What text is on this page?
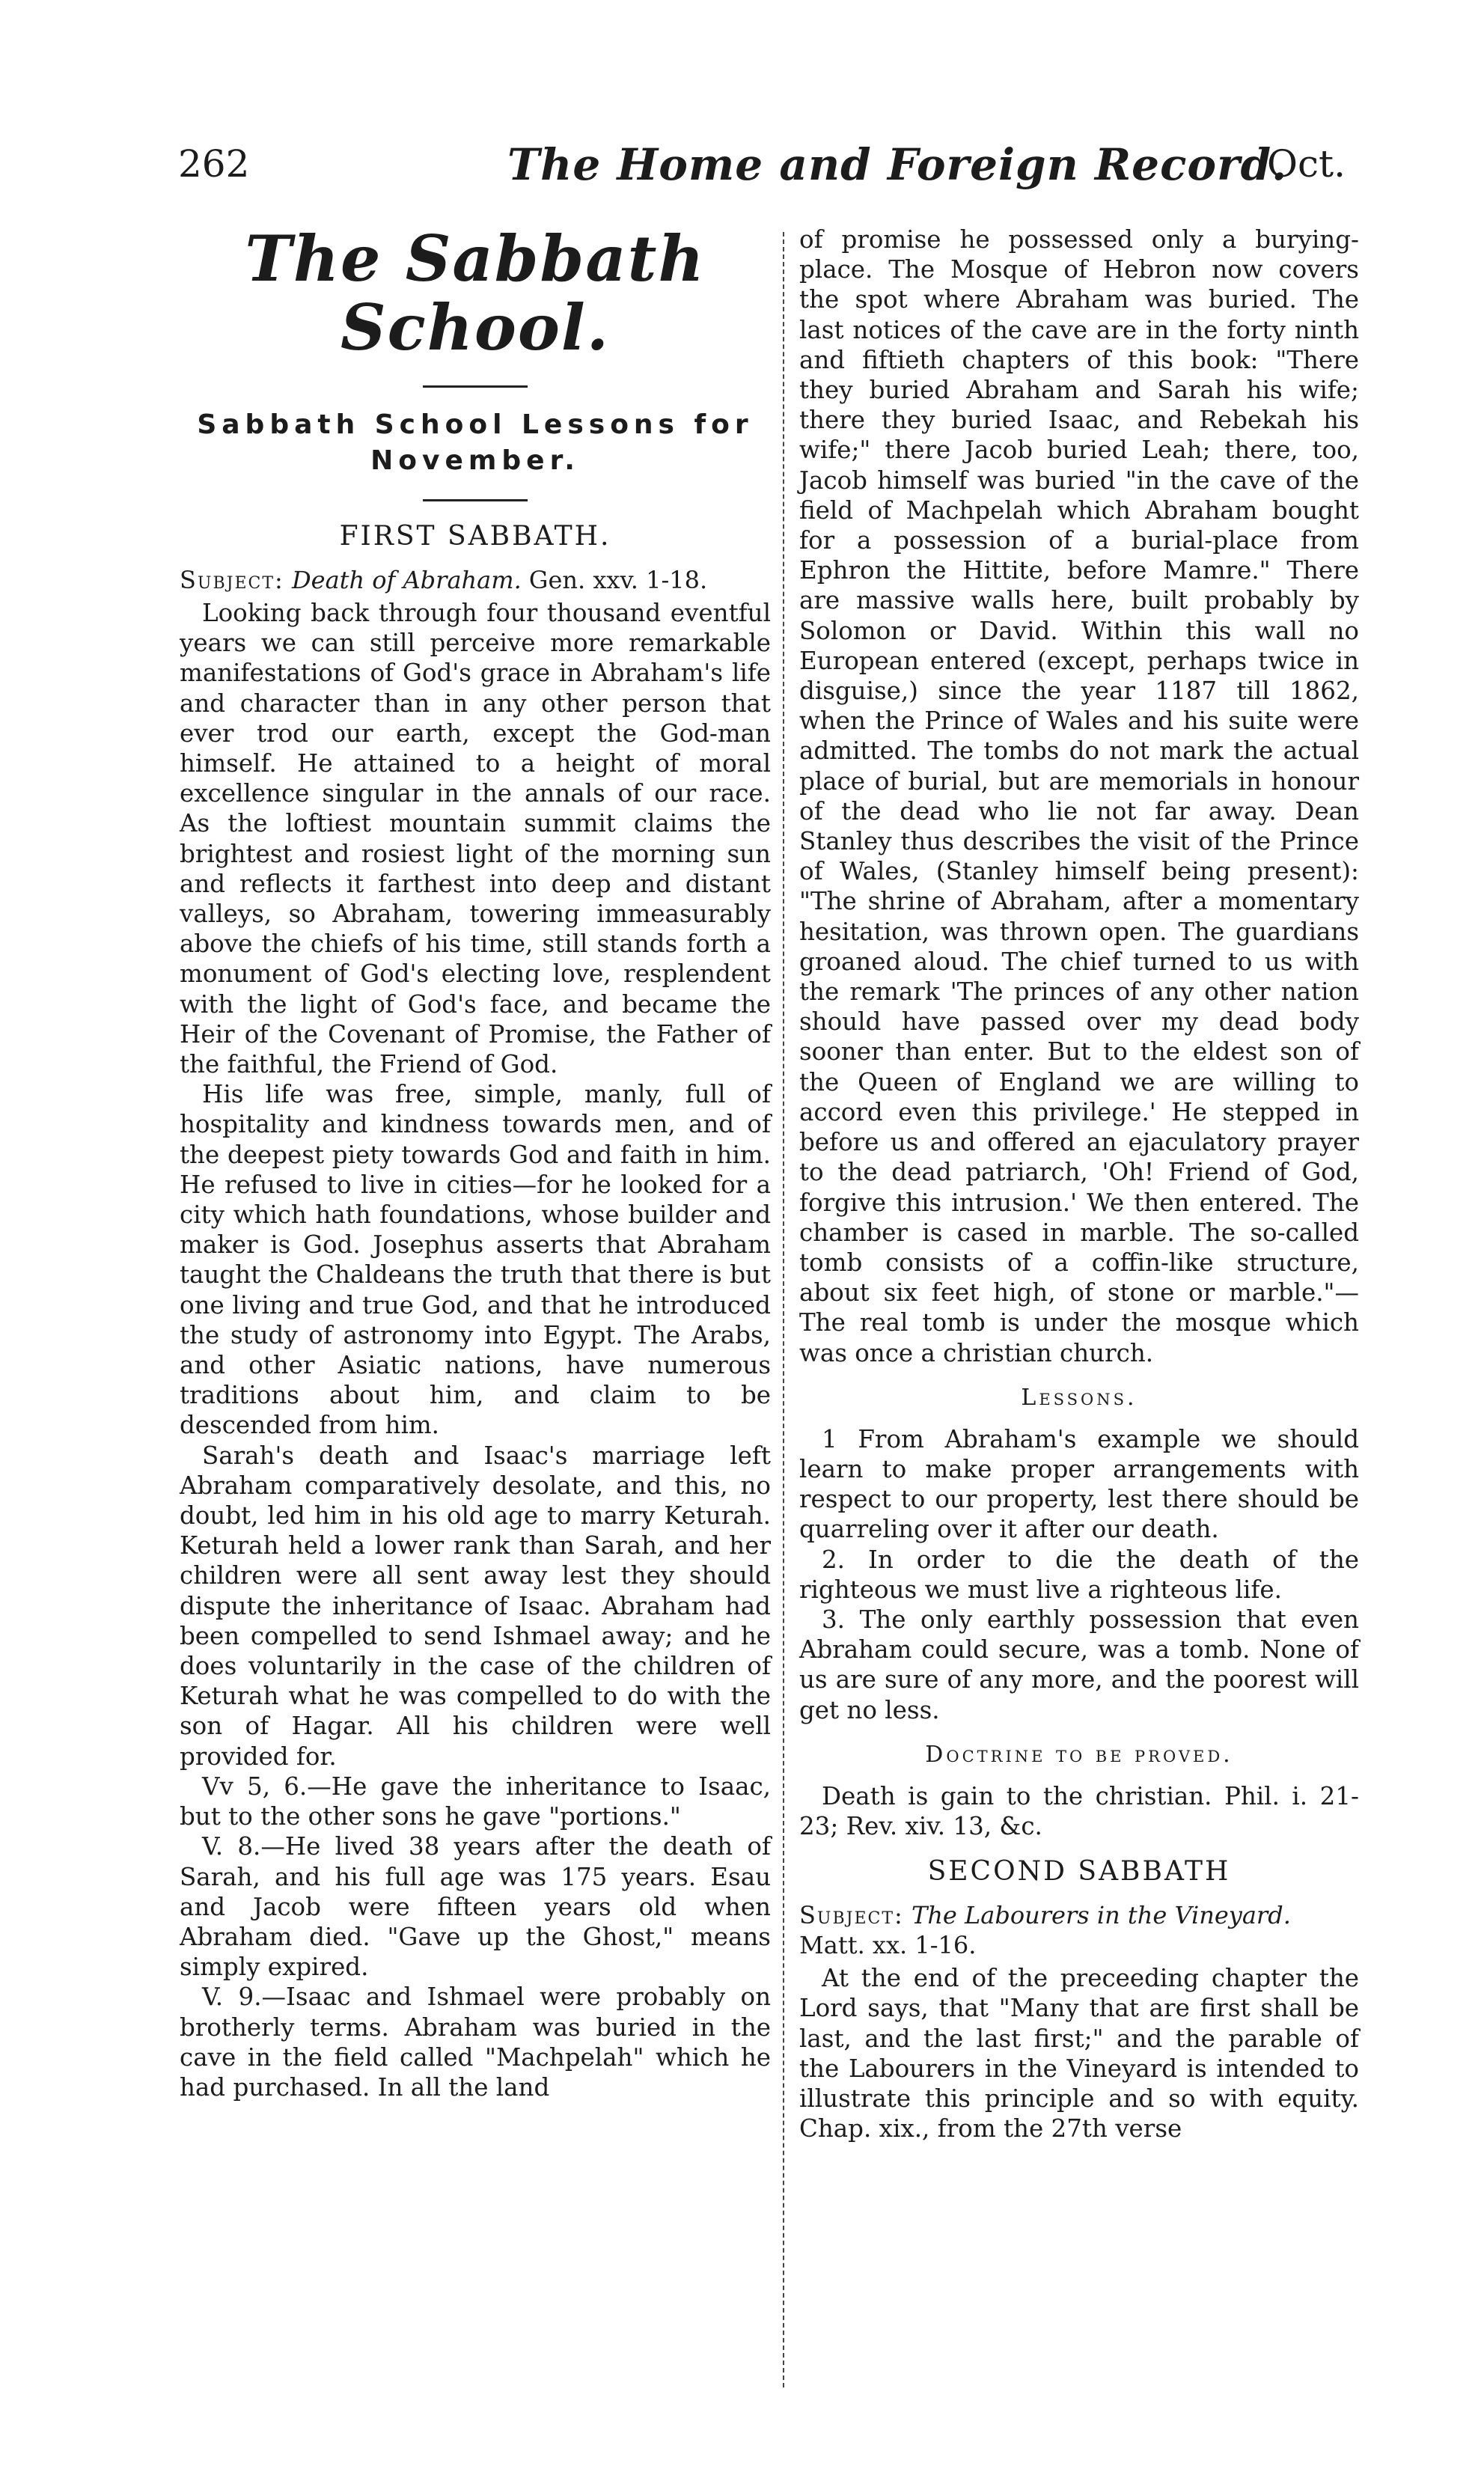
262	The Home and Foreign Record.
Oct.
The Sabbath School.
Sabbath School Lessons for November.
FIRST SABBATH.
Subject: Death of Abraham. Gen. xxv. 1-18.

Looking back through four thousand eventful years we can still perceive more remarkable manifestations of God's grace in Abraham's life and character than in any other person that ever trod our earth, except the God-man himself. He attained to a height of moral excellence singular in the annals of our race. As the loftiest mountain summit claims the brightest and rosiest light of the morning sun and reflects it farthest into deep and distant valleys, so Abraham, towering immeasurably above the chiefs of his time, still stands forth a monument of God's electing love, resplendent with the light of God's face, and became the Heir of the Covenant of Promise, the Father of the faithful, the Friend of God.

His life was free, simple, manly, full of hospitality and kindness towards men, and of the deepest piety towards God and faith in him. He refused to live in cities—for he looked for a city which hath foundations, whose builder and maker is God. Josephus asserts that Abraham taught the Chaldeans the truth that there is but one living and true God, and that he introduced the study of astronomy into Egypt. The Arabs, and other Asiatic nations, have numerous traditions about him, and claim to be descended from him.

Sarah's death and Isaac's marriage left Abraham comparatively desolate, and this, no doubt, led him in his old age to marry Keturah. Keturah held a lower rank than Sarah, and her children were all sent away lest they should dispute the inheritance of Isaac. Abraham had been compelled to send Ishmael away; and he does voluntarily in the case of the children of Keturah what he was compelled to do with the son of Hagar. All his children were well provided for.

Vv 5, 6.—He gave the inheritance to Isaac, but to the other sons he gave "portions."

V. 8.—He lived 38 years after the death of Sarah, and his full age was 175 years. Esau and Jacob were fifteen years old when Abraham died. "Gave up the Ghost," means simply expired.

V. 9.—Isaac and Ishmael were probably on brotherly terms. Abraham was buried in the cave in the field called "Machpelah" which he had purchased. In all the land

of promise he possessed only a burying-place. The Mosque of Hebron now covers the spot where Abraham was buried. The last notices of the cave are in the forty ninth and fiftieth chapters of this book: "There they buried Abraham and Sarah his wife; there they buried Isaac, and Rebekah his wife;" there Jacob buried Leah; there, too, Jacob himself was buried "in the cave of the field of Machpelah which Abraham bought for a possession of a burial-place from Ephron the Hittite, before Mamre." There are massive walls here, built probably by Solomon or David. Within this wall no European entered (except, perhaps twice in disguise,) since the year 1187 till 1862, when the Prince of Wales and his suite were admitted. The tombs do not mark the actual place of burial, but are memorials in honour of the dead who lie not far away. Dean Stanley thus describes the visit of the Prince of Wales, (Stanley himself being present): "The shrine of Abraham, after a momentary hesitation, was thrown open. The guardians groaned aloud. The chief turned to us with the remark 'The princes of any other nation should have passed over my dead body sooner than enter. But to the eldest son of the Queen of England we are willing to accord even this privilege.' He stepped in before us and offered an ejaculatory prayer to the dead patriarch, 'Oh! Friend of God, forgive this intrusion.' We then entered. The chamber is cased in marble. The so-called tomb consists of a coffin-like structure, about six feet high, of stone or marble."—The real tomb is under the mosque which was once a christian church.

Lessons.

1 From Abraham's example we should learn to make proper arrangements with respect to our property, lest there should be quarreling over it after our death.

2. In order to die the death of the righteous we must live a righteous life.

3. The only earthly possession that even Abraham could secure, was a tomb. None of us are sure of any more, and the poorest will get no less.

Doctrine to be proved.

Death is gain to the christian. Phil. i. 21-23; Rev. xiv. 13, &c.

SECOND SABBATH
Subject: The Labourers in the Vineyard. Matt. xx. 1-16.

At the end of the preceeding chapter the Lord says, that "Many that are first shall be last, and the last first;" and the parable of the Labourers in the Vineyard is intended to illustrate this principle and so with equity. Chap. xix., from the 27th verse
